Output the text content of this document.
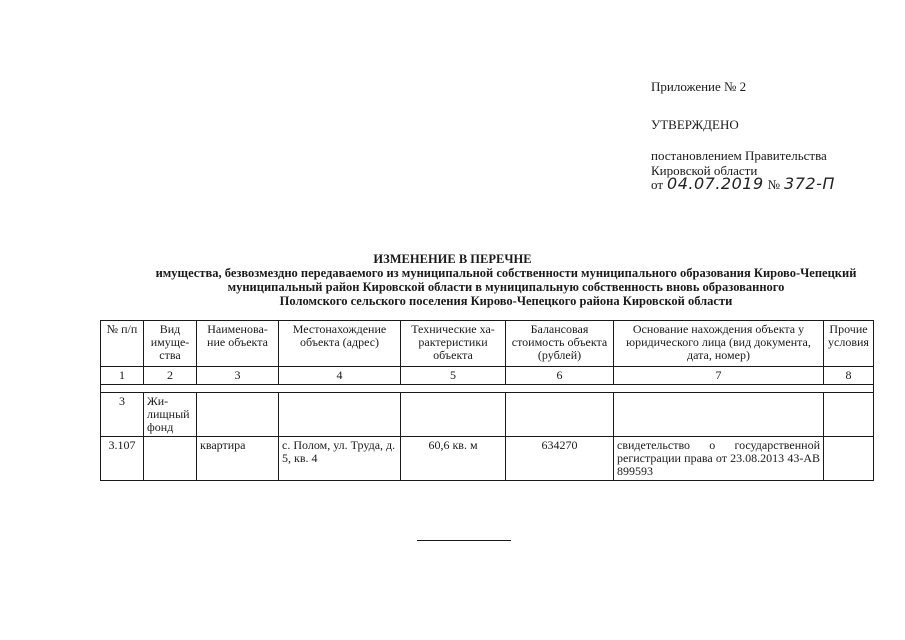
Приложение № 2
УТВЕРЖДЕНО
постановлением Правительства
Кировской области
от 04.07.2019 № 372-П
ИЗМЕНЕНИЕ В ПЕРЕЧНЕ
имущества, безвозмездно передаваемого из муниципальной собственности муниципального образования Кирово-Чепецкий
муниципальный район Кировской области в муниципальную собственность вновь образованного
Поломского сельского поселения Кирово-Чепецкого района Кировской области
№ п/п	Вид имуще-ства	Наименова-ние объекта	Местонахождение объекта (адрес)	Технические ха-рактеристики объекта	Балансовая стоимость объекта (рублей)	Основание нахождения объекта у юридического лица (вид документа, дата, номер)	Прочие условия
1	2	3	4	5	6	7	8

3	Жи-лищный фонд						
3.107		квартира	с. Полом, ул. Труда, д. 5, кв. 4	60,6 кв. м	634270	свидетельство о государственной регистрации права от 23.08.2013 43-АВ 899593	
